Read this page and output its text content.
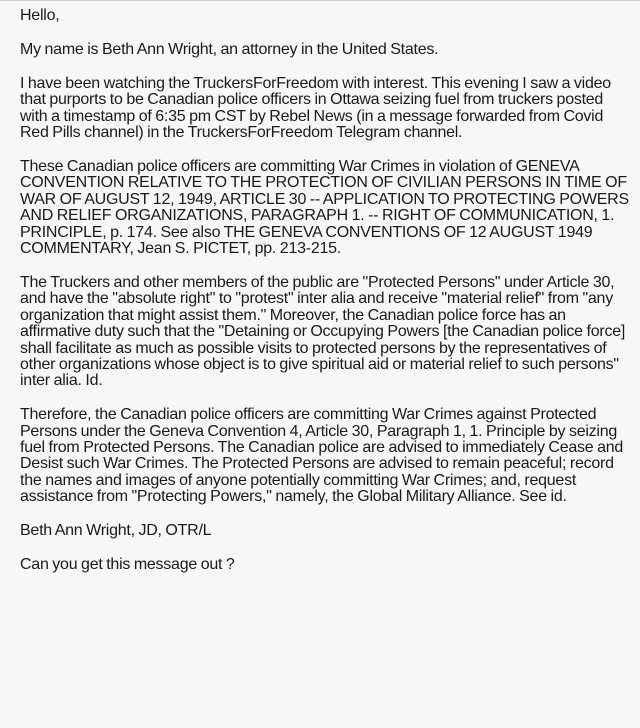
Hello,

My name is Beth Ann Wright, an attorney in the United States.

I have been watching the TruckersForFreedom with interest. This evening I saw a video that purports to be Canadian police officers in Ottawa seizing fuel from truckers posted with a timestamp of 6:35 pm CST by Rebel News (in a message forwarded from Covid Red Pills channel) in the TruckersForFreedom Telegram channel.

These Canadian police officers are committing War Crimes in violation of GENEVA CONVENTION RELATIVE TO THE PROTECTION OF CIVILIAN PERSONS IN TIME OF WAR OF AUGUST 12, 1949, ARTICLE 30 -- APPLICATION TO PROTECTING POWERS AND RELIEF ORGANIZATIONS, PARAGRAPH 1. -- RIGHT OF COMMUNICATION, 1. PRINCIPLE, p. 174. See also THE GENEVA CONVENTIONS OF 12 AUGUST 1949 COMMENTARY, Jean S. PICTET, pp. 213-215.

The Truckers and other members of the public are "Protected Persons" under Article 30, and have the "absolute right" to "protest" inter alia and receive "material relief" from "any organization that might assist them." Moreover, the Canadian police force has an affirmative duty such that the "Detaining or Occupying Powers [the Canadian police force] shall facilitate as much as possible visits to protected persons by the representatives of other organizations whose object is to give spiritual aid or material relief to such persons" inter alia. Id.

Therefore, the Canadian police officers are committing War Crimes against Protected Persons under the Geneva Convention 4, Article 30, Paragraph 1, 1. Principle by seizing fuel from Protected Persons. The Canadian police are advised to immediately Cease and Desist such War Crimes. The Protected Persons are advised to remain peaceful; record the names and images of anyone potentially committing War Crimes; and, request assistance from "Protecting Powers," namely, the Global Military Alliance. See id.

Beth Ann Wright, JD, OTR/L

Can you get this message out ?
